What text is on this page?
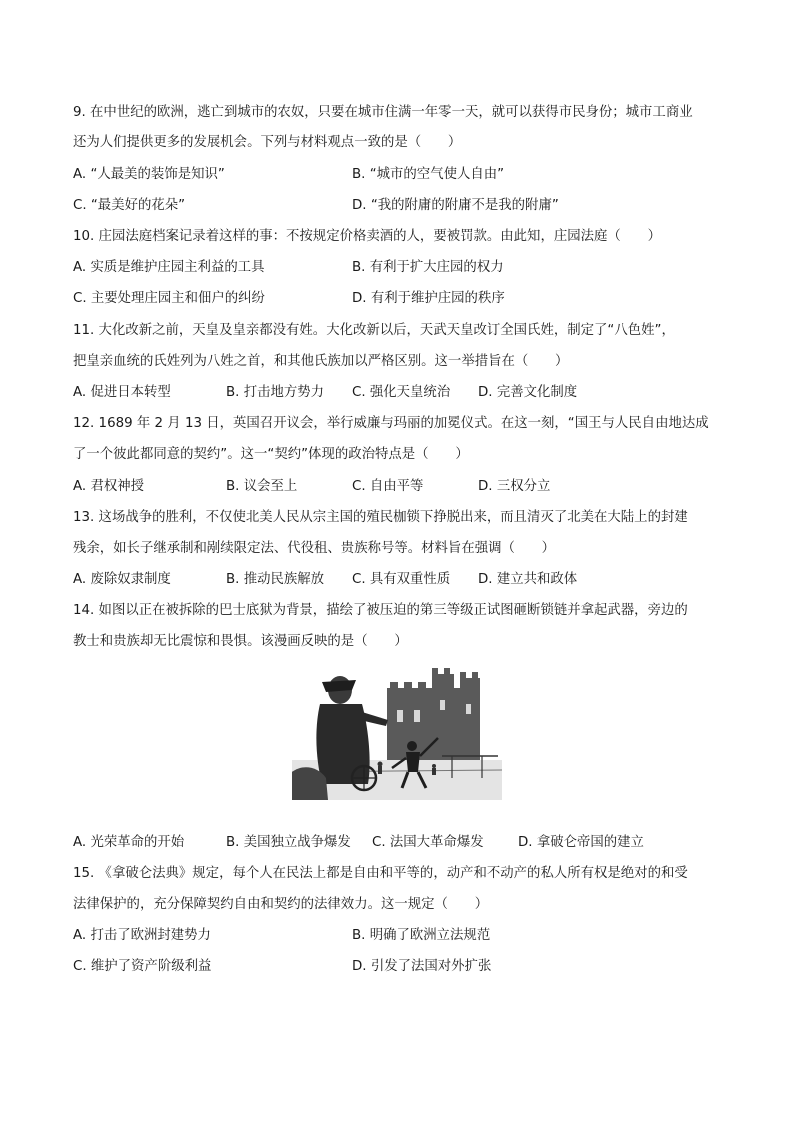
9. 在中世纪的欧洲，逃亡到城市的农奴，只要在城市住满一年零一天，就可以获得市民身份；城市工商业
还为人们提供更多的发展机会。下列与材料观点一致的是（　　）
A. “人最美的装饰是知识”	B. “城市的空气使人自由”
C. “最美好的花朵”	D. “我的附庸的附庸不是我的附庸”
10. 庄园法庭档案记录着这样的事：不按规定价格卖酒的人，要被罚款。由此知，庄园法庭（　　）
A. 实质是维护庄园主利益的工具	B. 有利于扩大庄园的权力
C. 主要处理庄园主和佃户的纠纷	D. 有利于维护庄园的秩序
11. 大化改新之前，天皇及皇亲都没有姓。大化改新以后，天武天皇改订全国氏姓，制定了“八色姓”，
把皇亲血统的氏姓列为八姓之首，和其他氏族加以严格区别。这一举措旨在（　　）
A. 促进日本转型	B. 打击地方势力 C. 强化天皇统治 D. 完善文化制度
12. 1689 年 2 月 13 日，英国召开议会，举行威廉与玛丽的加冕仪式。在这一刻，“国王与人民自由地达成
了一个彼此都同意的契约”。这一“契约”体现的政治特点是（　　）
A. 君权神授	B. 议会至上	C. 自由平等	D. 三权分立
13. 这场战争的胜利，不仅使北美人民从宗主国的殖民枷锁下挣脱出来，而且清灭了北美在大陆上的封建
残余，如长子继承制和剐续限定法、代役租、贵族称号等。材料旨在强调（　　）
A. 废除奴隶制度	B. 推动民族解放 C. 具有双重性质 D. 建立共和政体
14. 如图以正在被拆除的巴士底狱为背景，描绘了被压迫的第三等级正试图砸断锁链并拿起武器，旁边的
教士和贵族却无比震惊和畏惧。该漫画反映的是（　　）
A. 光荣革命的开始	B. 美国独立战争爆发 C. 法国大革命爆发	D. 拿破仑帝国的建立
15. 《拿破仑法典》规定，每个人在民法上都是自由和平等的，动产和不动产的私人所有权是绝对的和受
法律保护的，充分保障契约自由和契约的法律效力。这一规定（　　）
A. 打击了欧洲封建势力	B. 明确了欧洲立法规范
C. 维护了资产阶级利益	D. 引发了法国对外扩张
